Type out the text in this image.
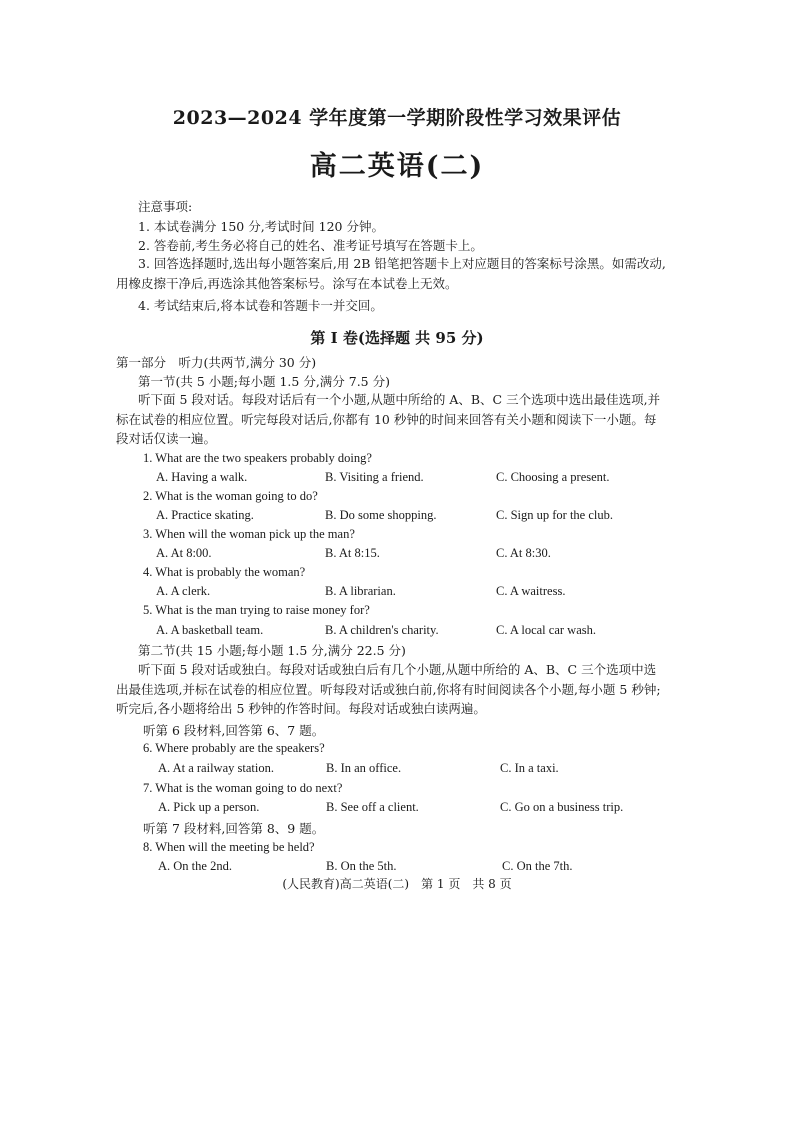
2023—2024 学年度第一学期阶段性学习效果评估
高二英语(二)
注意事项:
1. 本试卷满分 150 分,考试时间 120 分钟。
2. 答卷前,考生务必将自己的姓名、准考证号填写在答题卡上。
3. 回答选择题时,选出每小题答案后,用 2B 铅笔把答题卡上对应题目的答案标号涂黑。如需改动,用橡皮擦干净后,再选涂其他答案标号。涂写在本试卷上无效。
4. 考试结束后,将本试卷和答题卡一并交回。
第 I 卷(选择题 共 95 分)
第一部分　听力(共两节,满分 30 分)
第一节(共 5 小题;每小题 1.5 分,满分 7.5 分)
听下面 5 段对话。每段对话后有一个小题,从题中所给的 A、B、C 三个选项中选出最佳选项,并标在试卷的相应位置。听完每段对话后,你都有 10 秒钟的时间来回答有关小题和阅读下一小题。每段对话仅读一遍。
1. What are the two speakers probably doing?
A. Having a walk.	B. Visiting a friend.	C. Choosing a present.
2. What is the woman going to do?
A. Practice skating.	B. Do some shopping.	C. Sign up for the club.
3. When will the woman pick up the man?
A. At 8:00.	B. At 8:15.	C. At 8:30.
4. What is probably the woman?
A. A clerk.	B. A librarian.	C. A waitress.
5. What is the man trying to raise money for?
A. A basketball team.	B. A children's charity.	C. A local car wash.
第二节(共 15 小题;每小题 1.5 分,满分 22.5 分)
听下面 5 段对话或独白。每段对话或独白后有几个小题,从题中所给的 A、B、C 三个选项中选出最佳选项,并标在试卷的相应位置。听每段对话或独白前,你将有时间阅读各个小题,每小题 5 秒钟;听完后,各小题将给出 5 秒钟的作答时间。每段对话或独白读两遍。
听第 6 段材料,回答第 6、7 题。
6. Where probably are the speakers?
A. At a railway station.	B. In an office.	C. In a taxi.
7. What is the woman going to do next?
A. Pick up a person.	B. See off a client.	C. Go on a business trip.
听第 7 段材料,回答第 8、9 题。
8. When will the meeting be held?
A. On the 2nd.	B. On the 5th.	C. On the 7th.
(人民教育)高二英语(二)　第 1 页　共 8 页
